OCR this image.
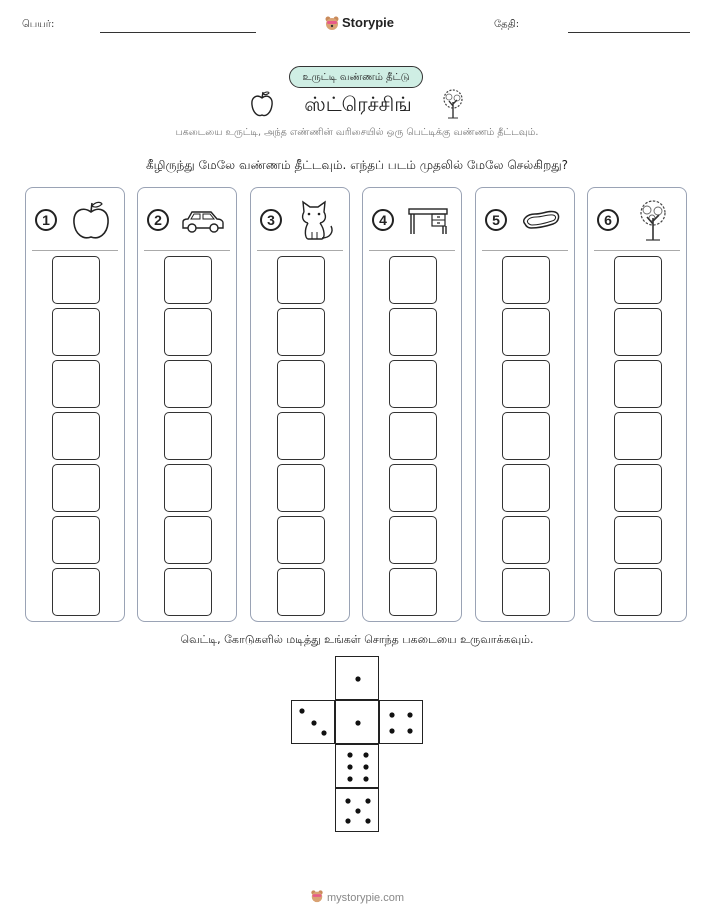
பெயர்:	Storypie	தேதி:
உருட்டி வண்ணம் தீட்டு
ஸ்ட்ரெச்சிங்
பகடையை உருட்டி, அந்த எண்ணின் வரிசையில் ஒரு பெட்டிக்கு வண்ணம் தீட்டவும்.
கீழிருந்து மேலே வண்ணம் தீட்டவும். எந்தப் படம் முதலில் மேலே செல்கிறது?
1	2	3	4	5	6
வெட்டி, கோடுகளில் மடித்து உங்கள் சொந்த பகடையை உருவாக்கவும்.
mystorypie.com
